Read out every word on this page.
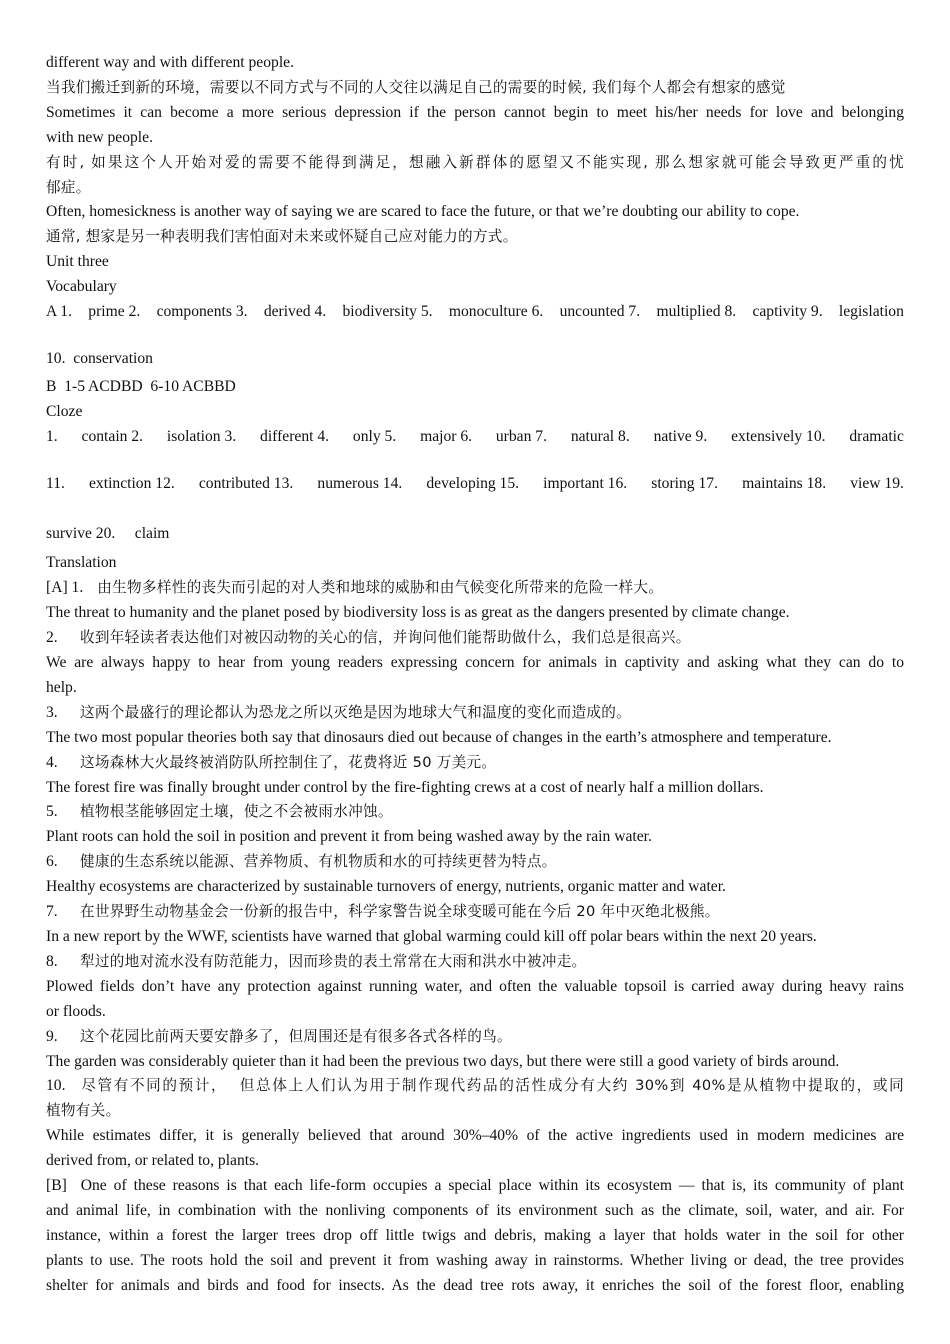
different way and with different people.
当我们搬迁到新的环境，需要以不同方式与不同的人交往以满足自己的需要的时候, 我们每个人都会有想家的感觉
Sometimes it can become a more serious depression if the person cannot begin to meet his/her needs for love and belonging
with new people.
有时, 如果这个人开始对爱的需要不能得到满足，想融入新群体的愿望又不能实现, 那么想家就可能会导致更严重的忧
郁症。
Often, homesickness is another way of saying we are scared to face the future, or that we’re doubting our ability to cope.
通常, 想家是另一种表明我们害怕面对未来或怀疑自己应对能力的方式。
Unit three
Vocabulary
A 1. prime 2. components 3. derived 4. biodiversity 5. monoculture 6. uncounted 7. multiplied 8. captivity 9. legislation
10.  conservation
B  1-5 ACDBD  6-10 ACBBD
Cloze
1. contain 2. isolation 3. different 4. only 5. major 6. urban 7. natural 8. native 9. extensively 10. dramatic
11. extinction 12. contributed 13. numerous 14. developing 15. important 16. storing 17. maintains 18. view 19.
survive 20.     claim
Translation
[A] 1. 由生物多样性的丧失而引起的对人类和地球的威胁和由气候变化所带来的危险一样大。
The threat to humanity and the planet posed by biodiversity loss is as great as the dangers presented by climate change.
2. 收到年轻读者表达他们对被囚动物的关心的信，并询问他们能帮助做什么，我们总是很高兴。
We are always happy to hear from young readers expressing concern for animals in captivity and asking what they can do to
help.
3. 这两个最盛行的理论都认为恐龙之所以灭绝是因为地球大气和温度的变化而造成的。
The two most popular theories both say that dinosaurs died out because of changes in the earth’s atmosphere and temperature.
4. 这场森林大火最终被消防队所控制住了，花费将近 50 万美元。
The forest fire was finally brought under control by the fire-fighting crews at a cost of nearly half a million dollars.
5. 植物根茎能够固定土壤，使之不会被雨水冲蚀。
Plant roots can hold the soil in position and prevent it from being washed away by the rain water.
6. 健康的生态系统以能源、营养物质、有机物质和水的可持续更替为特点。
Healthy ecosystems are characterized by sustainable turnovers of energy, nutrients, organic matter and water.
7. 在世界野生动物基金会一份新的报告中，科学家警告说全球变暖可能在今后 20 年中灭绝北极熊。
In a new report by the WWF, scientists have warned that global warming could kill off polar bears within the next 20 years.
8. 犁过的地对流水没有防范能力，因而珍贵的表土常常在大雨和洪水中被冲走。
Plowed fields don’t have any protection against running water, and often the valuable topsoil is carried away during heavy rains
or floods.
9. 这个花园比前两天要安静多了，但周围还是有很多各式各样的鸟。
The garden was considerably quieter than it had been the previous two days, but there were still a good variety of birds around.
10. 尽管有不同的预计，  但总体上人们认为用于制作现代药品的活性成分有大约 30%到 40%是从植物中提取的，或同
植物有关。
While estimates differ, it is generally believed that around 30%–40% of the active ingredients used in modern medicines are
derived from, or related to, plants.
[B]  One of these reasons is that each life-form occupies a special place within its ecosystem — that is, its community of plant
and animal life, in combination with the nonliving components of its environment such as the climate, soil, water, and air. For
instance, within a forest the larger trees drop off little twigs and debris, making a layer that holds water in the soil for other
plants to use. The roots hold the soil and prevent it from washing away in rainstorms. Whether living or dead, the tree provides
shelter for animals and birds and food for insects. As the dead tree rots away, it enriches the soil of the forest floor, enabling
